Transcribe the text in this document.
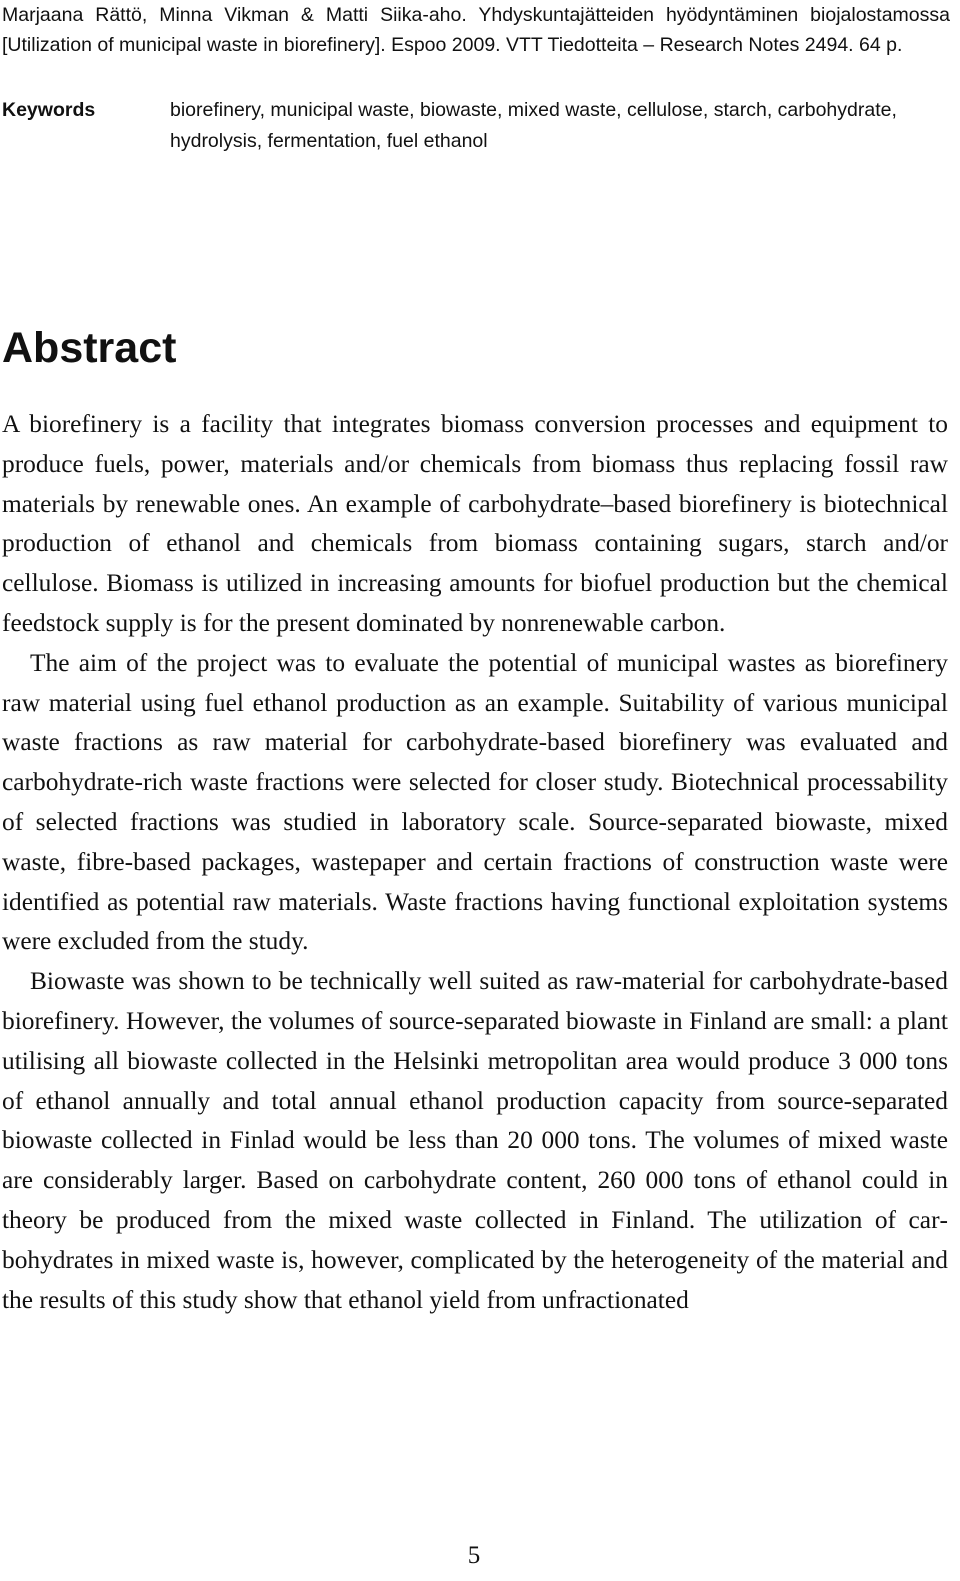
Marjaana Rättö, Minna Vikman & Matti Siika-aho. Yhdyskuntajätteiden hyödyntäminen biojalostamossa [Utilization of municipal waste in biorefinery]. Espoo 2009. VTT Tiedotteita – Research Notes 2494. 64 p.

Keywords	biorefinery, municipal waste, biowaste, mixed waste, cellulose, starch, carbohydrate, hydrolysis, fermentation, fuel ethanol

Abstract

A biorefinery is a facility that integrates biomass conversion processes and equipment to produce fuels, power, materials and/or chemicals from biomass thus replacing fossil raw materials by renewable ones. An example of carbohydrate–based biorefinery is biotechnical production of ethanol and chemicals from biomass containing sugars, starch and/or cellulose. Biomass is utilized in increasing amounts for biofuel production but the chemical feedstock supply is for the present dominated by nonrenewable carbon.

The aim of the project was to evaluate the potential of municipal wastes as biorefinery raw material using fuel ethanol production as an example. Suitability of various municipal waste fractions as raw material for carbohydrate-based biorefinery was evaluated and carbohydrate-rich waste fractions were selected for closer study. Biotechnical processability of selected fractions was studied in laboratory scale. Source-separated biowaste, mixed waste, fibre-based packages, wastepaper and certain fractions of construction waste were identified as potential raw materials. Waste fractions having functional exploitation systems were excluded from the study.

Biowaste was shown to be technically well suited as raw-material for carbohydrate-based biorefinery. However, the volumes of source-separated biowaste in Finland are small: a plant utilising all biowaste collected in the Helsinki metropolitan area would produce 3 000 tons of ethanol annually and total annual ethanol production capacity from source-separated biowaste collected in Finlad would be less than 20 000 tons. The volumes of mixed waste are considerably larger. Based on carbohydrate content, 260 000 tons of ethanol could in theory be produced from the mixed waste collected in Finland. The utilization of carbohydrates in mixed waste is, however, complicated by the heterogeneity of the material and the results of this study show that ethanol yield from unfractionated

5
